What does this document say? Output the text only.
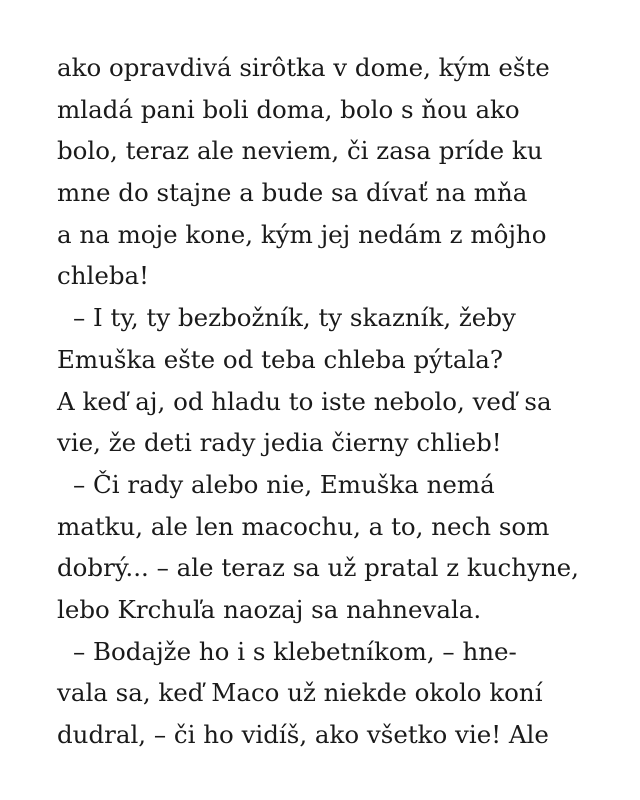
ako opravdivá sirôtka v dome, kým ešte
mladá pani boli doma, bolo s ňou ako
bolo, teraz ale neviem, či zasa príde ku
mne do stajne a bude sa dívať na mňa
a na moje kone, kým jej nedám z môjho
chleba!
– I ty, ty bezbožník, ty skazník, žeby
Emuška ešte od teba chleba pýtala?
A keď aj, od hladu to iste nebolo, veď sa
vie, že deti rady jedia čierny chlieb!
– Či rady alebo nie, Emuška nemá
matku, ale len macochu, a to, nech som
dobrý... – ale teraz sa už pratal z kuchyne,
lebo Krchuľa naozaj sa nahnevala.
– Bodajže ho i s klebetníkom, – hne-
vala sa, keď Maco už niekde okolo koní
dudral, – či ho vidíš, ako všetko vie! Ale
